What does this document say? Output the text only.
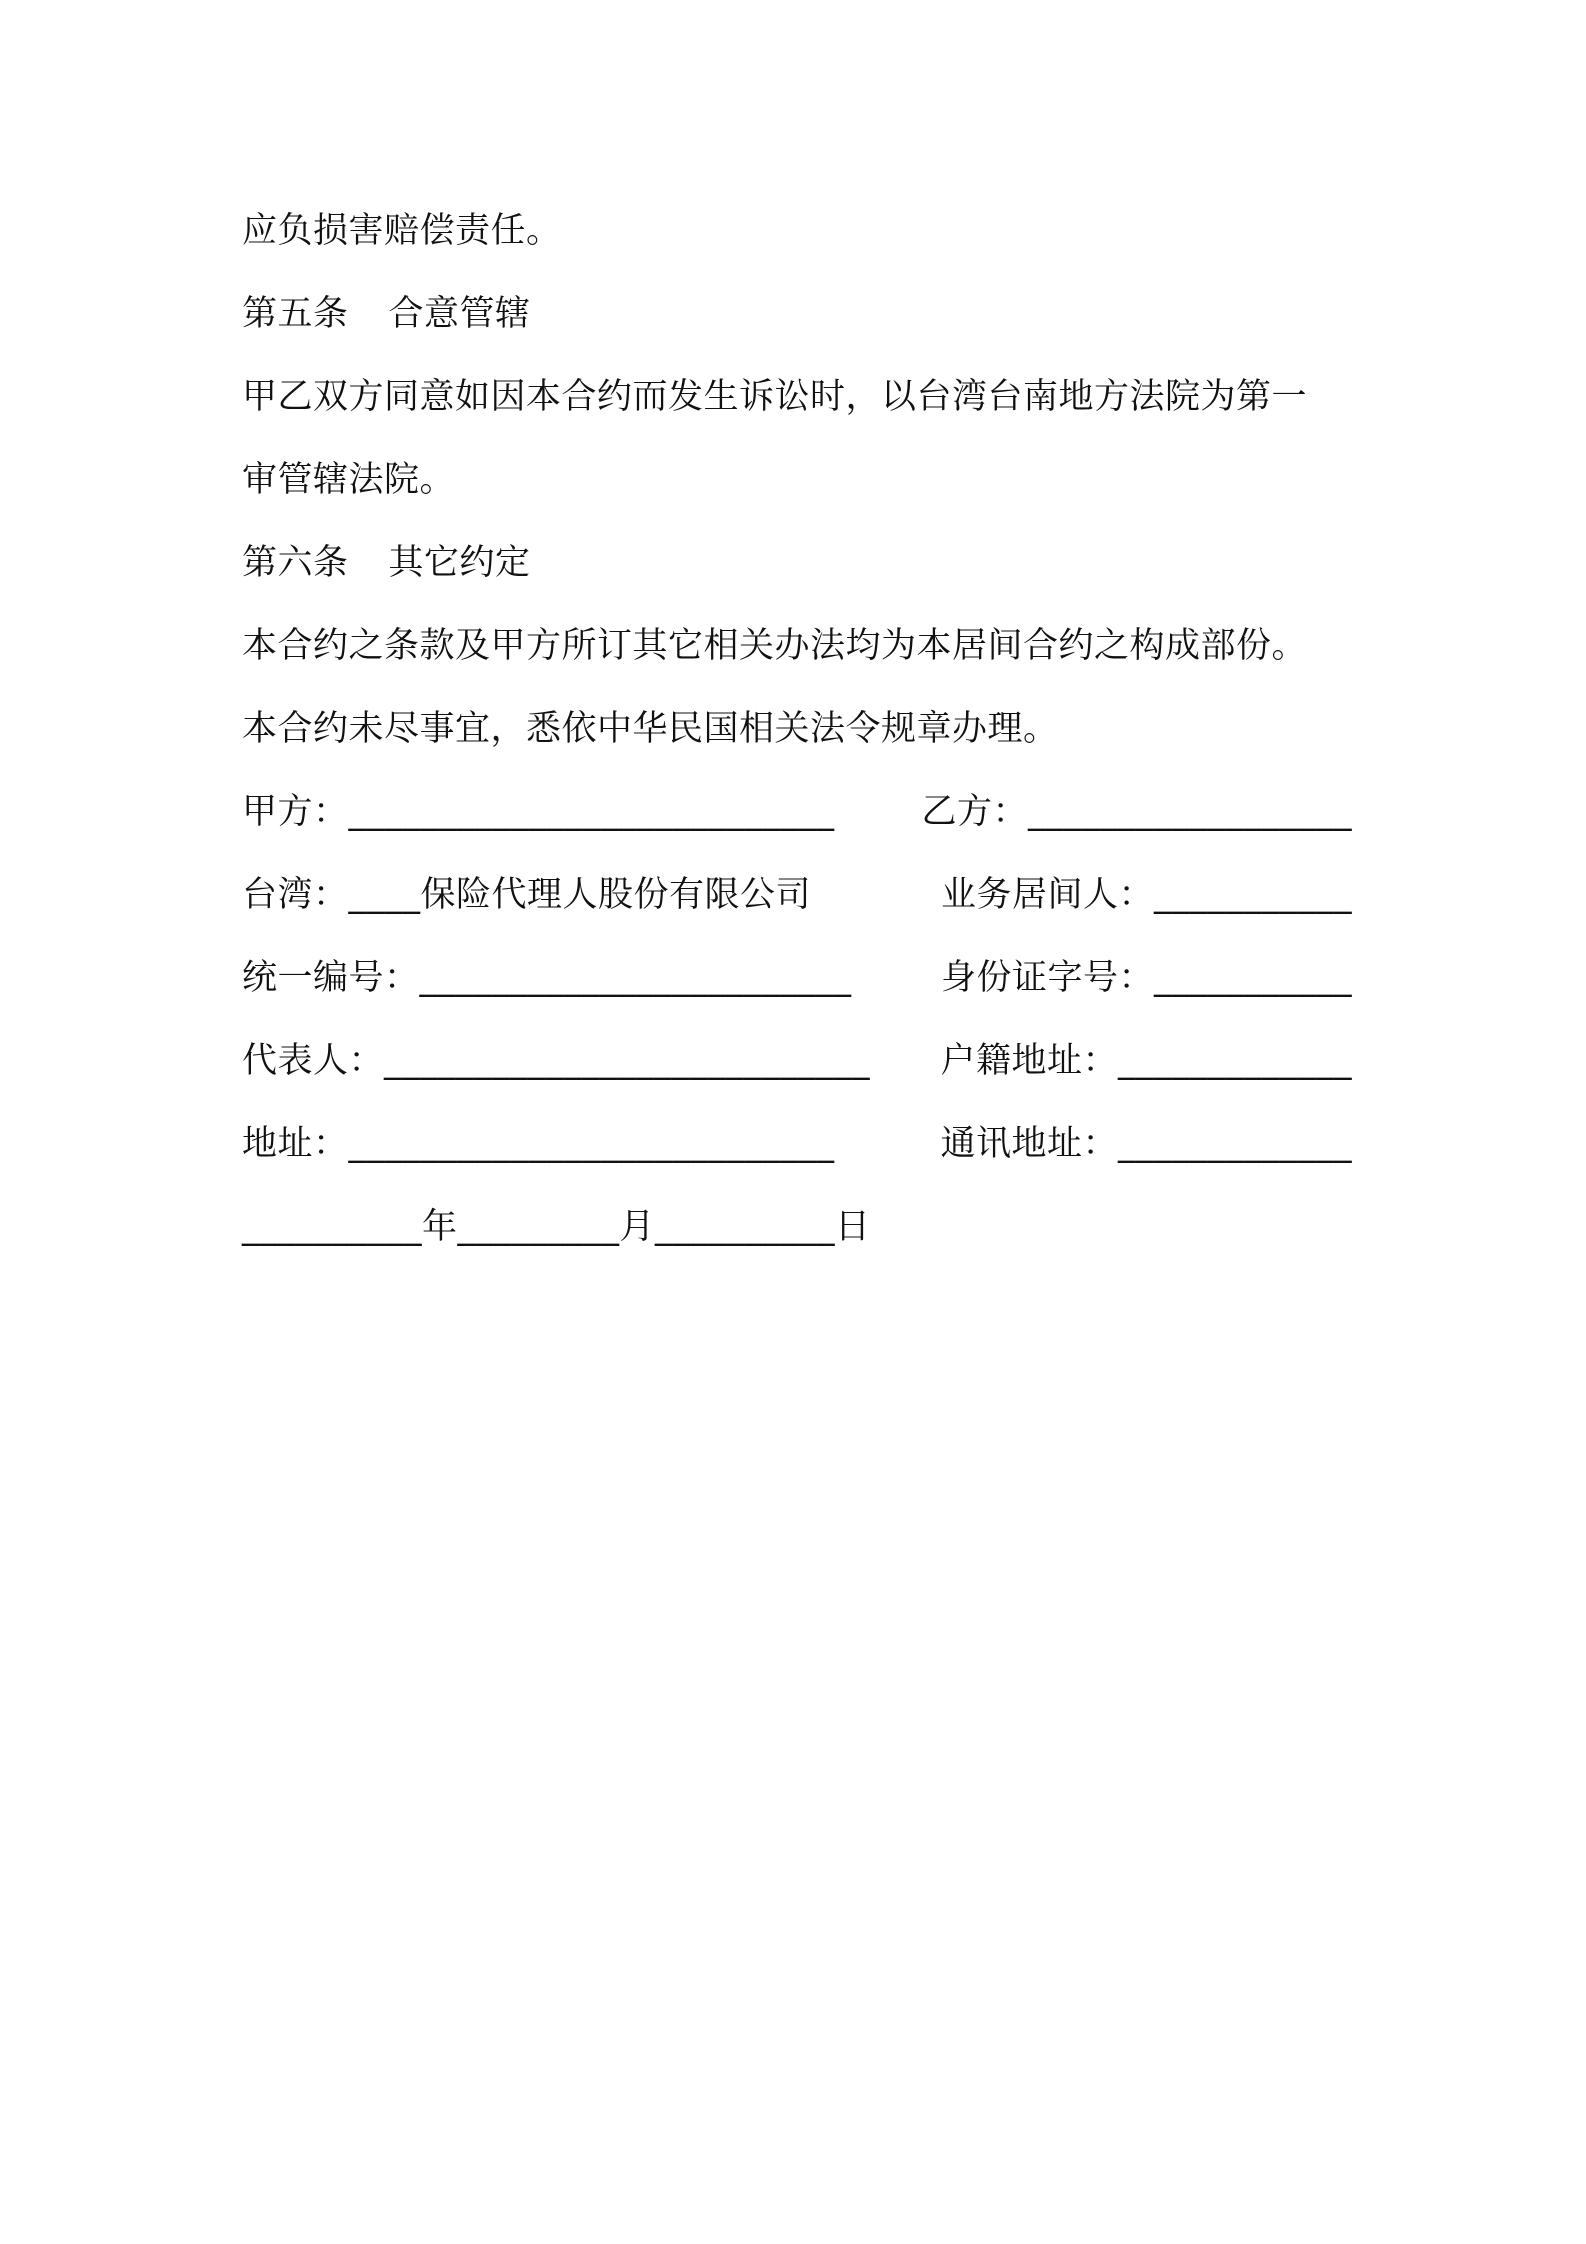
应负损害赔偿责任。
第五条 合意管辖
甲乙双方同意如因本合约而发生诉讼时，以台湾台南地方法院为第一
审管辖法院。
第六条 其它约定
本合约之条款及甲方所订其它相关办法均为本居间合约之构成部份。
本合约未尽事宜，悉依中华民国相关法令规章办理。
甲方：___________________________ 乙方：__________________
台湾：____保险代理人股份有限公司	业务居间人：___________
统一编号：________________________	身份证字号：___________
代表人：___________________________ 户籍地址：_____________
地址：___________________________	通讯地址：_____________
__________年_________月__________日
